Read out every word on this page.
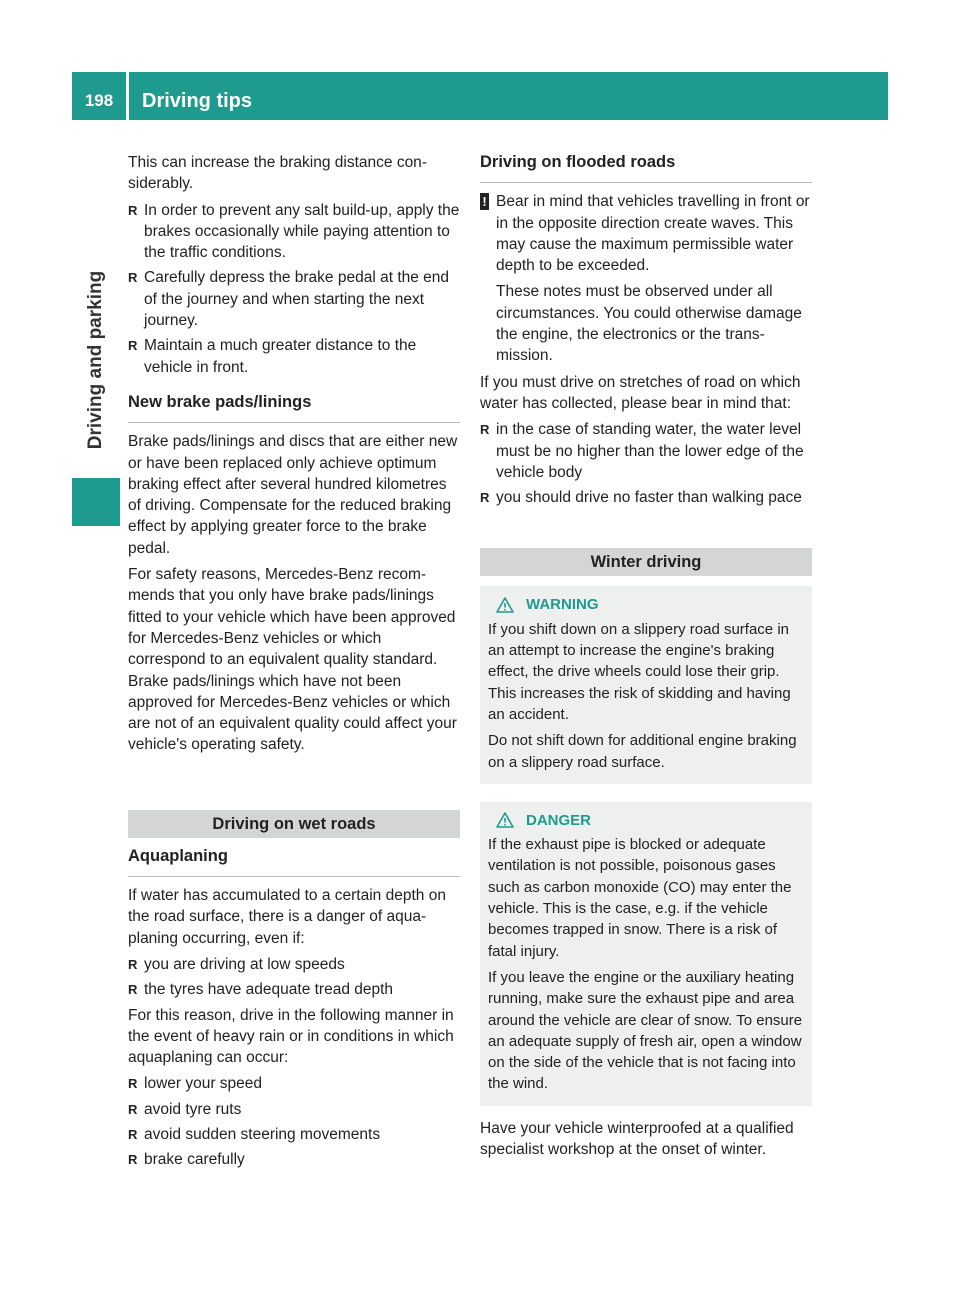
198	Driving tips
Driving and parking

This can increase the braking distance considerably.

R In order to prevent any salt build-up, apply the brakes occasionally while paying attention to the traffic conditions.
R Carefully depress the brake pedal at the end of the journey and when starting the next journey.
R Maintain a much greater distance to the vehicle in front.
New brake pads/linings

Brake pads/linings and discs that are either new or have been replaced only achieve optimum braking effect after several hundred kilometres of driving. Compensate for the reduced braking effect by applying greater force to the brake pedal.

For safety reasons, Mercedes-Benz recommends that you only have brake pads/linings fitted to your vehicle which have been approved for Mercedes-Benz vehicles or which correspond to an equivalent quality standard. Brake pads/linings which have not been approved for Mercedes-Benz vehicles or which are not of an equivalent quality could affect your vehicle's operating safety.

Driving on wet roads
Aquaplaning

If water has accumulated to a certain depth on the road surface, there is a danger of aquaplaning occurring, even if:

R you are driving at low speeds
R the tyres have adequate tread depth

For this reason, drive in the following manner in the event of heavy rain or in conditions in which aquaplaning can occur:

R lower your speed
R avoid tyre ruts
R avoid sudden steering movements
R brake carefully
Driving on flooded roads
! Bear in mind that vehicles travelling in front or in the opposite direction create waves. This may cause the maximum permissible water depth to be exceeded.

These notes must be observed under all circumstances. You could otherwise damage the engine, the electronics or the transmission.

If you must drive on stretches of road on which water has collected, please bear in mind that:

R in the case of standing water, the water level must be no higher than the lower edge of the vehicle body
R you should drive no faster than walking pace
Winter driving
WARNING

If you shift down on a slippery road surface in an attempt to increase the engine's braking effect, the drive wheels could lose their grip. This increases the risk of skidding and having an accident.

Do not shift down for additional engine braking on a slippery road surface.

DANGER

If the exhaust pipe is blocked or adequate ventilation is not possible, poisonous gases such as carbon monoxide (CO) may enter the vehicle. This is the case, e.g. if the vehicle becomes trapped in snow. There is a risk of fatal injury.

If you leave the engine or the auxiliary heating running, make sure the exhaust pipe and area around the vehicle are clear of snow. To ensure an adequate supply of fresh air, open a window on the side of the vehicle that is not facing into the wind.

Have your vehicle winterproofed at a qualified specialist workshop at the onset of winter.
